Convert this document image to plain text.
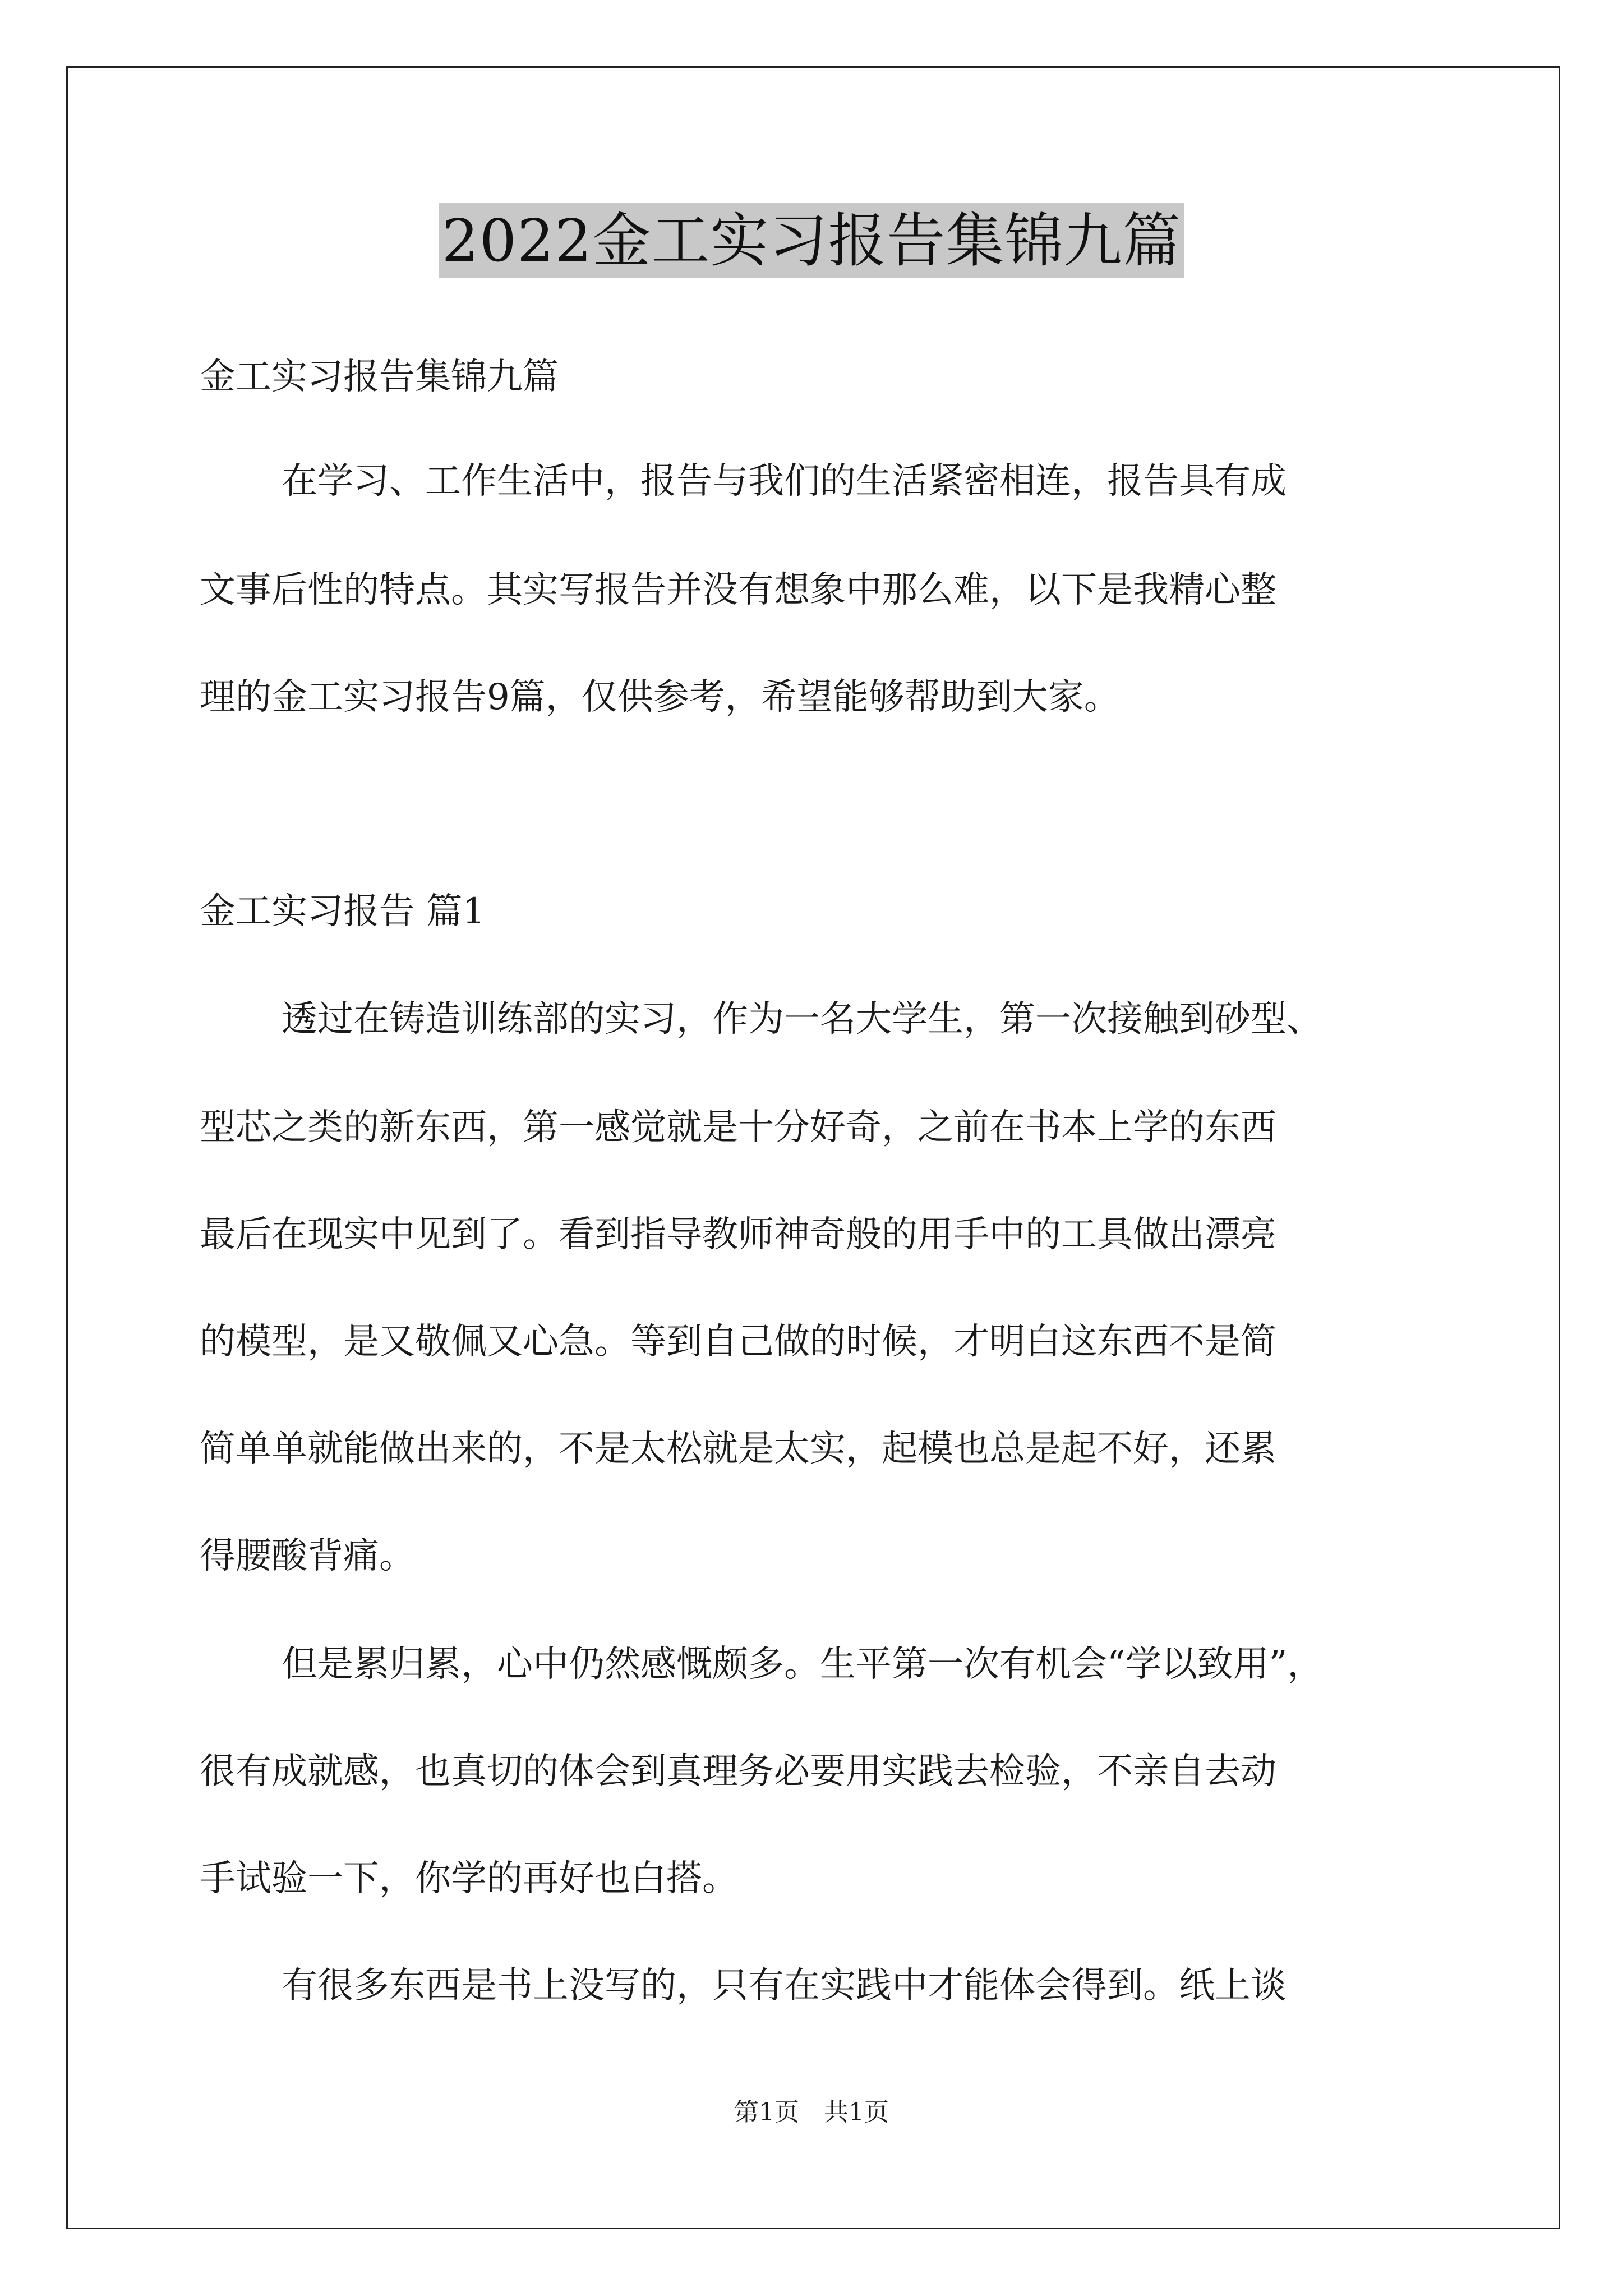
2022金工实习报告集锦九篇
金工实习报告集锦九篇
在学习、工作生活中，报告与我们的生活紧密相连，报告具有成
文事后性的特点。其实写报告并没有想象中那么难，以下是我精心整
理的金工实习报告9篇，仅供参考，希望能够帮助到大家。
金工实习报告 篇1
透过在铸造训练部的实习，作为一名大学生，第一次接触到砂型、
型芯之类的新东西，第一感觉就是十分好奇，之前在书本上学的东西
最后在现实中见到了。看到指导教师神奇般的用手中的工具做出漂亮
的模型，是又敬佩又心急。等到自己做的时候，才明白这东西不是简
简单单就能做出来的，不是太松就是太实，起模也总是起不好，还累
得腰酸背痛。
但是累归累，心中仍然感慨颇多。生平第一次有机会“学以致用”，
很有成就感，也真切的体会到真理务必要用实践去检验，不亲自去动
手试验一下，你学的再好也白搭。
有很多东西是书上没写的，只有在实践中才能体会得到。纸上谈
第1页　共1页
